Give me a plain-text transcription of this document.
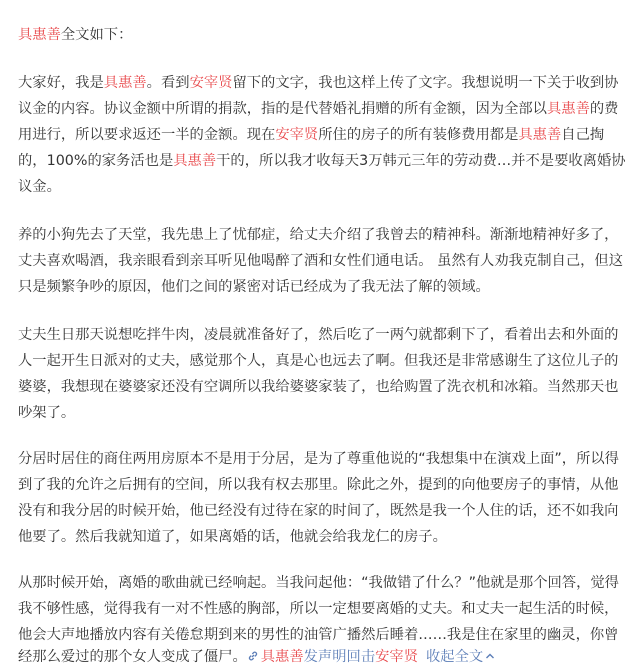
具惠善全文如下：
大家好，我是具惠善。看到安宰贤留下的文字，我也这样上传了文字。我想说明一下关于收到协
议金的内容。协议金额中所谓的捐款，指的是代替婚礼捐赠的所有金额，因为全部以具惠善的费
用进行，所以要求返还一半的金额。现在安宰贤所住的房子的所有装修费用都是具惠善自己掏
的，100%的家务活也是具惠善干的，所以我才收每天3万韩元三年的劳动费…并不是要收离婚协
议金。
养的小狗先去了天堂，我先患上了忧郁症，给丈夫介绍了我曾去的精神科。渐渐地精神好多了，
丈夫喜欢喝酒，我亲眼看到亲耳听见他喝醉了酒和女性们通电话。 虽然有人劝我克制自己，但这
只是频繁争吵的原因，他们之间的紧密对话已经成为了我无法了解的领域。
丈夫生日那天说想吃拌牛肉，凌晨就准备好了，然后吃了一两勺就都剩下了，看着出去和外面的
人一起开生日派对的丈夫，感觉那个人，真是心也远去了啊。但我还是非常感谢生了这位儿子的
婆婆，我想现在婆婆家还没有空调所以我给婆婆家装了，也给购置了洗衣机和冰箱。当然那天也
吵架了。
分居时居住的商住两用房原本不是用于分居，是为了尊重他说的“我想集中在演戏上面”，所以得
到了我的允许之后拥有的空间，所以我有权去那里。除此之外，提到的向他要房子的事情，从他
没有和我分居的时候开始，他已经没有过待在家的时间了，既然是我一个人住的话，还不如我向
他要了。然后我就知道了，如果离婚的话，他就会给我龙仁的房子。
从那时候开始，离婚的歌曲就已经响起。当我问起他：“我做错了什么？”他就是那个回答，觉得
我不够性感，觉得我有一对不性感的胸部，所以一定想要离婚的丈夫。和丈夫一起生活的时候，
他会大声地播放内容有关倦怠期到来的男性的油管广播然后睡着……我是住在家里的幽灵，你曾
经那么爱过的那个女人变成了僵尸。 具惠善发声明回击安宰贤 收起全文
